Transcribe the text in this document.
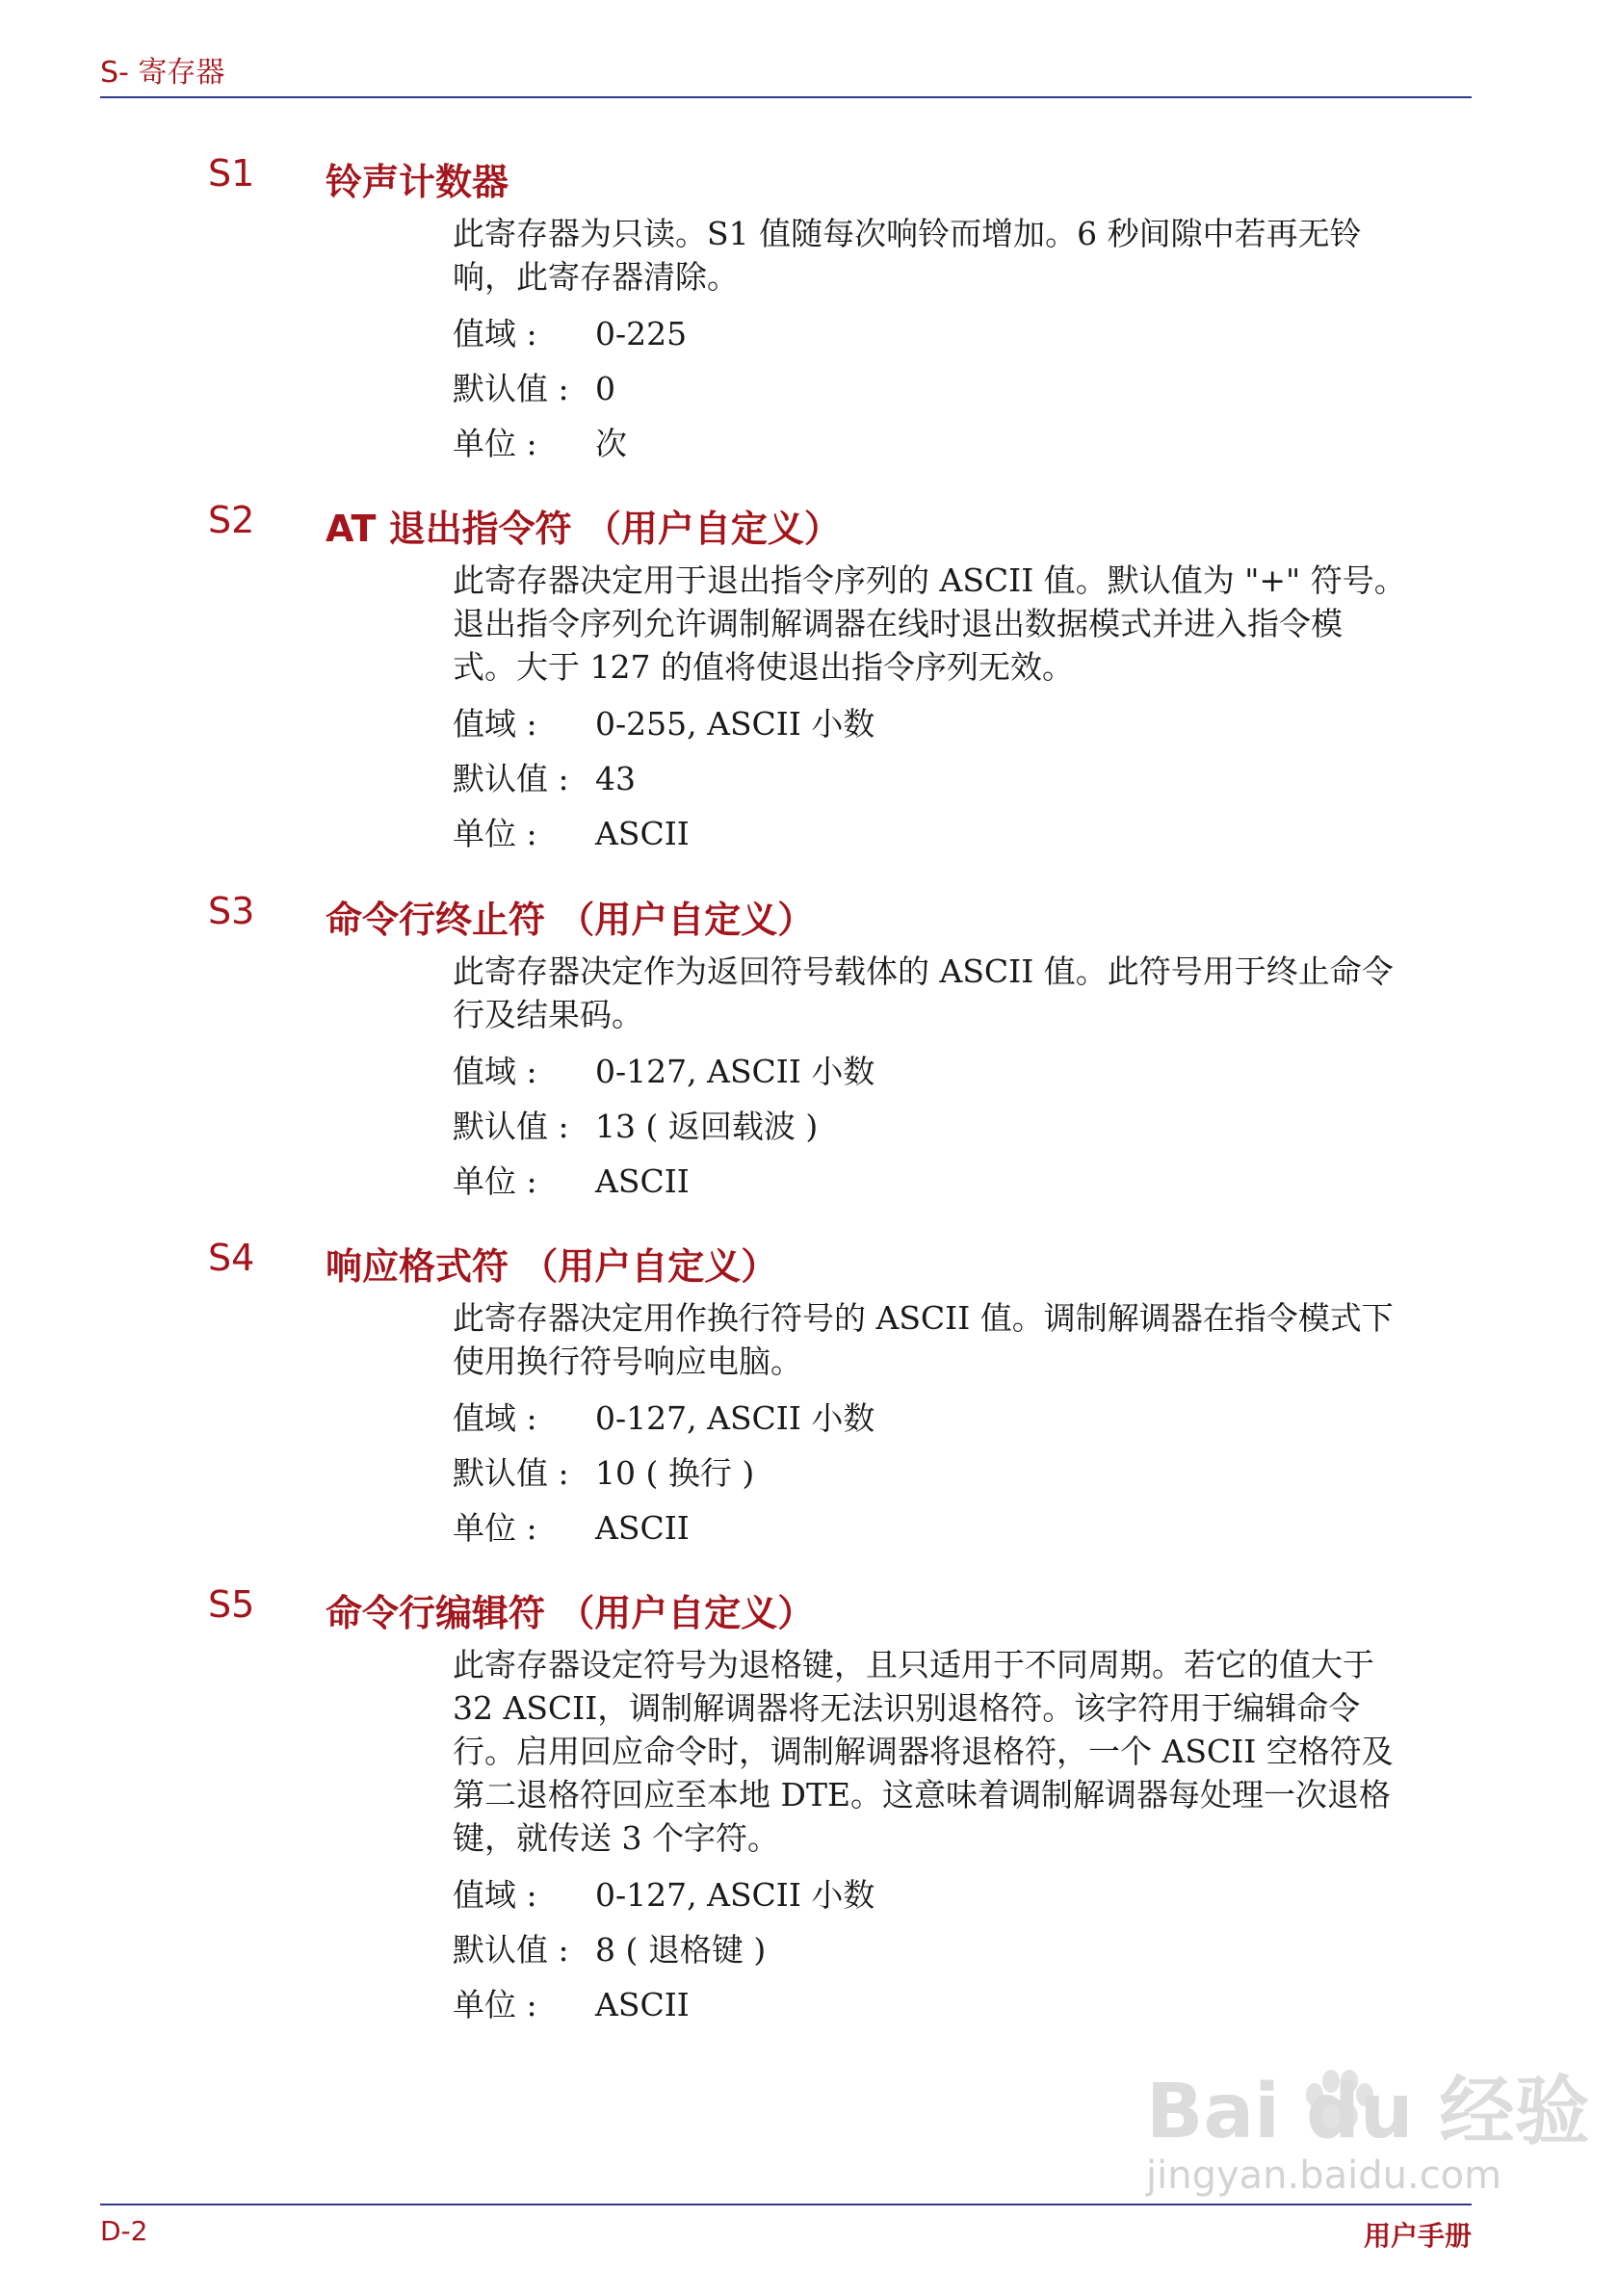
S- 寄存器
S1 铃声计数器
此寄存器为只读。S1 值随每次响铃而增加。6 秒间隙中若再无铃
响，此寄存器清除。
值域 : 0-225
默认值 : 0
单位 : 次
S2 AT 退出指令符 （用户自定义）
此寄存器决定用于退出指令序列的 ASCII 值。默认值为 "+" 符号。
退出指令序列允许调制解调器在线时退出数据模式并进入指令模
式。大于 127 的值将使退出指令序列无效。
值域 : 0-255, ASCII 小数
默认值 : 43
单位 : ASCII
S3 命令行终止符 （用户自定义）
此寄存器决定作为返回符号载体的 ASCII 值。此符号用于终止命令
行及结果码。
值域 : 0-127, ASCII 小数
默认值 : 13 ( 返回载波 )
单位 : ASCII
S4 响应格式符 （用户自定义）
此寄存器决定用作换行符号的 ASCII 值。调制解调器在指令模式下
使用换行符号响应电脑。
值域 : 0-127, ASCII 小数
默认值 : 10 ( 换行 )
单位 : ASCII
S5 命令行编辑符 （用户自定义）
此寄存器设定符号为退格键，且只适用于不同周期。若它的值大于
32 ASCII，调制解调器将无法识别退格符。该字符用于编辑命令
行。启用回应命令时，调制解调器将退格符，一个 ASCII 空格符及
第二退格符回应至本地 DTE。这意味着调制解调器每处理一次退格
键，就传送 3 个字符。
值域 : 0-127, ASCII 小数
默认值 : 8 ( 退格键 )
单位 : ASCII
Bai du 经验
jingyan.baidu.com
D-2	用户手册
